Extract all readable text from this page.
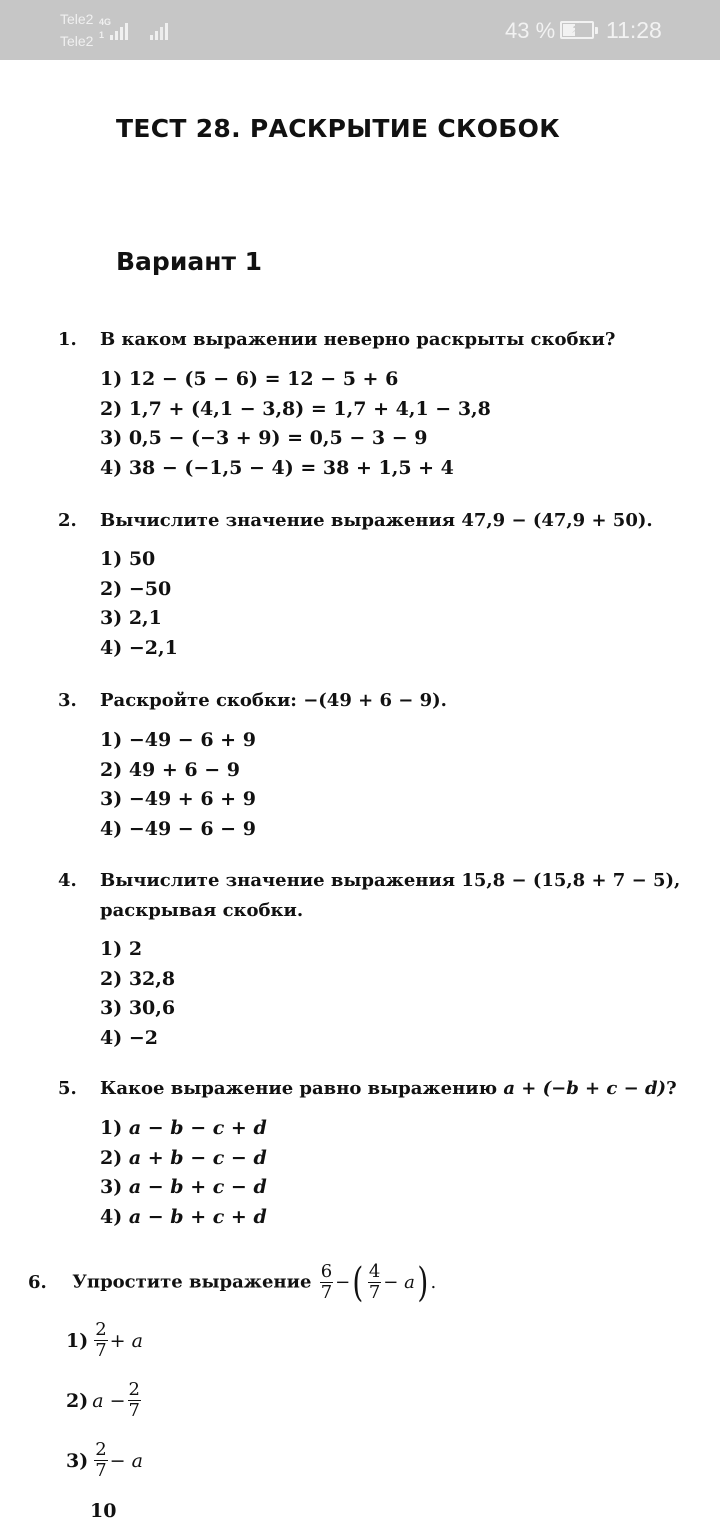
Tele2
Tele2
4G
1	43 % ⚡ 11:28
ТЕСТ 28. РАСКРЫТИЕ СКОБОК
Вариант 1
1. В каком выражении неверно раскрыты скобки?
1) 12 − (5 − 6) = 12 − 5 + 6
2) 1,7 + (4,1 − 3,8) = 1,7 + 4,1 − 3,8
3) 0,5 − (−3 + 9) = 0,5 − 3 − 9
4) 38 − (−1,5 − 4) = 38 + 1,5 + 4
2. Вычислите значение выражения 47,9 − (47,9 + 50).
1) 50
2) −50
3) 2,1
4) −2,1
3. Раскройте скобки: −(49 + 6 − 9).
1) −49 − 6 + 9
2) 49 + 6 − 9
3) −49 + 6 + 9
4) −49 − 6 − 9
4. Вычислите значение выражения 15,8 − (15,8 + 7 − 5), раскрывая скобки.
1) 2
2) 32,8
3) 30,6
4) −2
5. Какое выражение равно выражению a + (−b + c − d)?
1) a − b − c + d
2) a + b − c − d
3) a − b + c − d
4) a − b + c + d
6. Упростите выражение $\frac{6}{7}$ − ( $\frac{4}{7} - a$ ) .
$1) \frac{2}{7} + a$
2) $a - \frac{2}{7}$
$3) \frac{2}{7} - a$
10
